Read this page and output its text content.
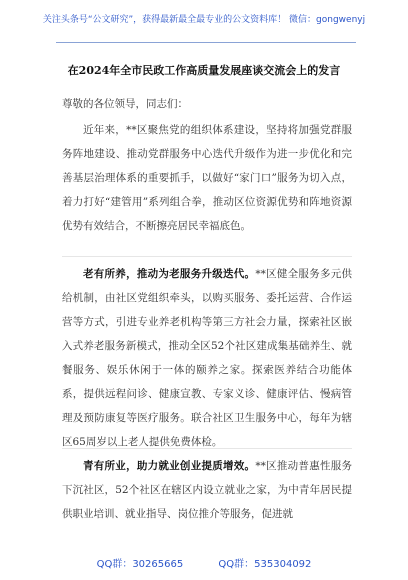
关注头条号“公文研究”，获得最新最全最专业的公文资料库！ 微信：gongwenyj
在2024年全市民政工作高质量发展座谈交流会上的发言
尊敬的各位领导，同志们：
近年来，**区聚焦党的组织体系建设，坚持将加强党群服务阵地建设、推动党群服务中心迭代升级作为进一步优化和完善基层治理体系的重要抓手，以做好“家门口”服务为切入点，着力打好“建管用”系列组合拳，推动区位资源优势和阵地资源优势有效结合，不断擦亮居民幸福底色。
老有所养，推动为老服务升级迭代。**区健全服务多元供给机制，由社区党组织牵头，以购买服务、委托运营、合作运营等方式，引进专业养老机构等第三方社会力量，探索社区嵌入式养老服务新模式，推动全区52个社区建成集基础养生、就餐服务、娱乐休闲于一体的颐养之家。探索医养结合功能体系，提供远程问诊、健康宣教、专家义诊、健康评估、慢病管理及预防康复等医疗服务。联合社区卫生服务中心，每年为辖区65周岁以上老人提供免费体检。
青有所业，助力就业创业提质增效。**区推动普惠性服务下沉社区，52个社区在辖区内设立就业之家，为中青年居民提供职业培训、就业指导、岗位推介等服务，促进就
QQ群：30265665	QQ群：535304092
